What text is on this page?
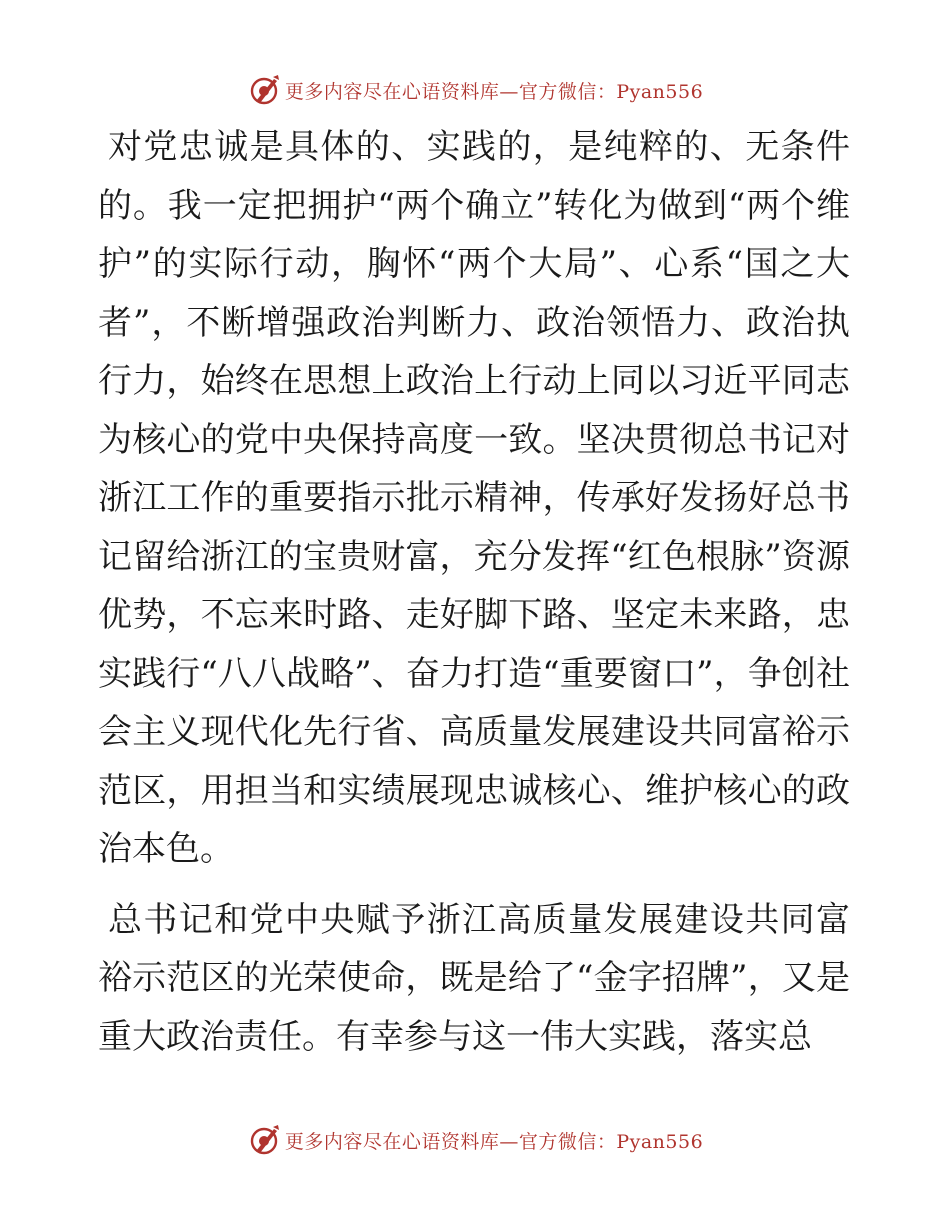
更多内容尽在心语资料库—官方微信：Pyan556

对党忠诚是具体的、实践的，是纯粹的、无条件的。我一定把拥护“两个确立”转化为做到“两个维护”的实际行动，胸怀“两个大局”、心系“国之大者”，不断增强政治判断力、政治领悟力、政治执行力，始终在思想上政治上行动上同以习近平同志为核心的党中央保持高度一致。坚决贯彻总书记对浙江工作的重要指示批示精神，传承好发扬好总书记留给浙江的宝贵财富，充分发挥“红色根脉”资源优势，不忘来时路、走好脚下路、坚定未来路，忠实践行“八八战略”、奋力打造“重要窗口”，争创社会主义现代化先行省、高质量发展建设共同富裕示范区，用担当和实绩展现忠诚核心、维护核心的政治本色。

总书记和党中央赋予浙江高质量发展建设共同富裕示范区的光荣使命，既是给了“金字招牌”，又是重大政治责任。有幸参与这一伟大实践，落实总

更多内容尽在心语资料库—官方微信：Pyan556
